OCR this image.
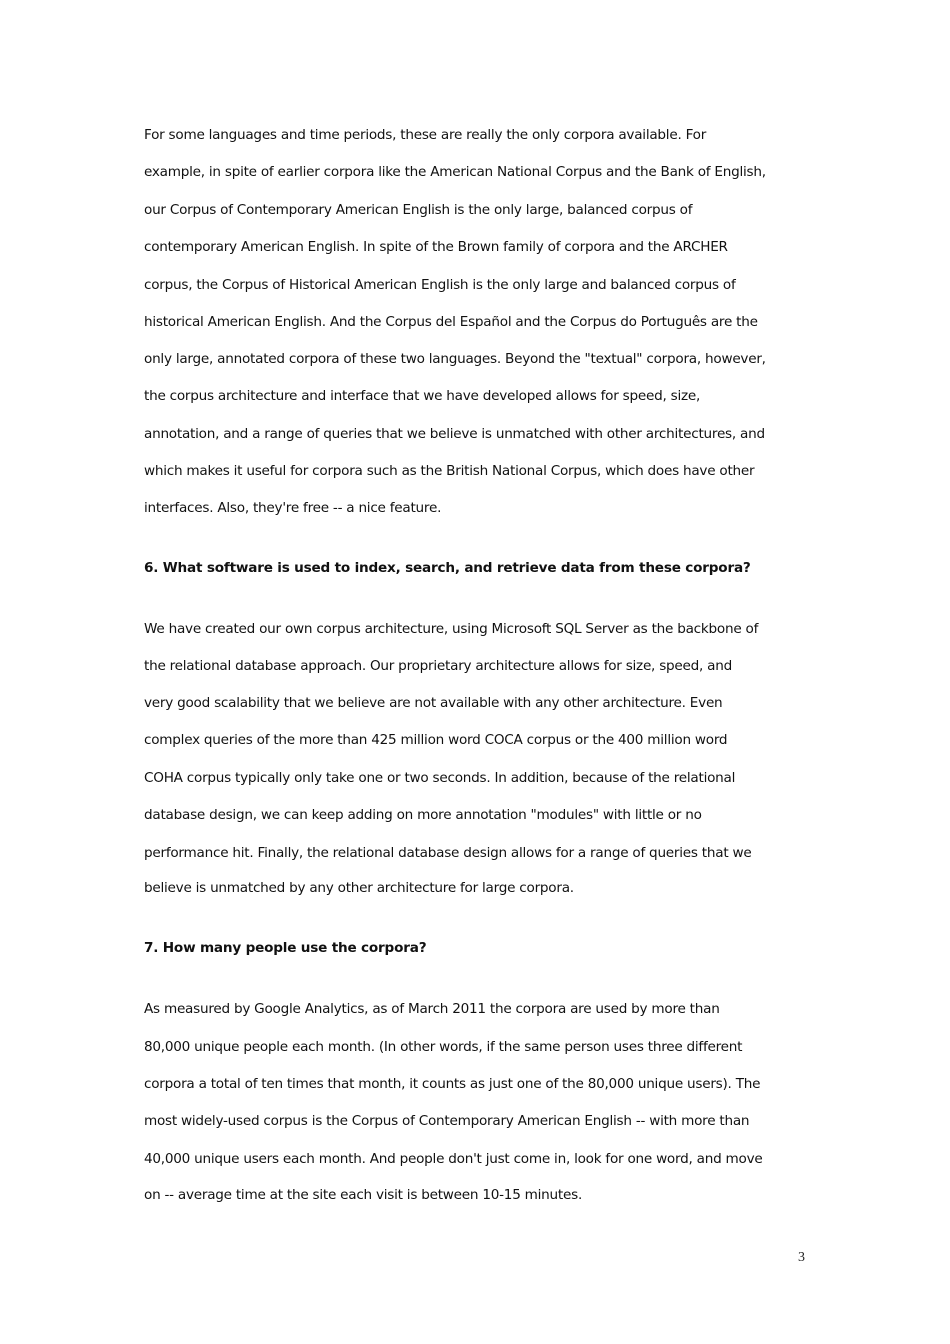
For some languages and time periods, these are really the only corpora available. For
example, in spite of earlier corpora like the American National Corpus and the Bank of English,
our Corpus of Contemporary American English is the only large, balanced corpus of
contemporary American English. In spite of the Brown family of corpora and the ARCHER
corpus, the Corpus of Historical American English is the only large and balanced corpus of
historical American English. And the Corpus del Español and the Corpus do Português are the
only large, annotated corpora of these two languages. Beyond the "textual" corpora, however,
the corpus architecture and interface that we have developed allows for speed, size,
annotation, and a range of queries that we believe is unmatched with other architectures, and
which makes it useful for corpora such as the British National Corpus, which does have other
interfaces. Also, they're free -- a nice feature.
6. What software is used to index, search, and retrieve data from these corpora?
We have created our own corpus architecture, using Microsoft SQL Server as the backbone of
the relational database approach. Our proprietary architecture allows for size, speed, and
very good scalability that we believe are not available with any other architecture. Even
complex queries of the more than 425 million word COCA corpus or the 400 million word
COHA corpus typically only take one or two seconds. In addition, because of the relational
database design, we can keep adding on more annotation "modules" with little or no
performance hit. Finally, the relational database design allows for a range of queries that we
believe is unmatched by any other architecture for large corpora.
7. How many people use the corpora?
As measured by Google Analytics, as of March 2011 the corpora are used by more than
80,000 unique people each month. (In other words, if the same person uses three different
corpora a total of ten times that month, it counts as just one of the 80,000 unique users). The
most widely-used corpus is the Corpus of Contemporary American English -- with more than
40,000 unique users each month. And people don't just come in, look for one word, and move
on -- average time at the site each visit is between 10-15 minutes.
3
